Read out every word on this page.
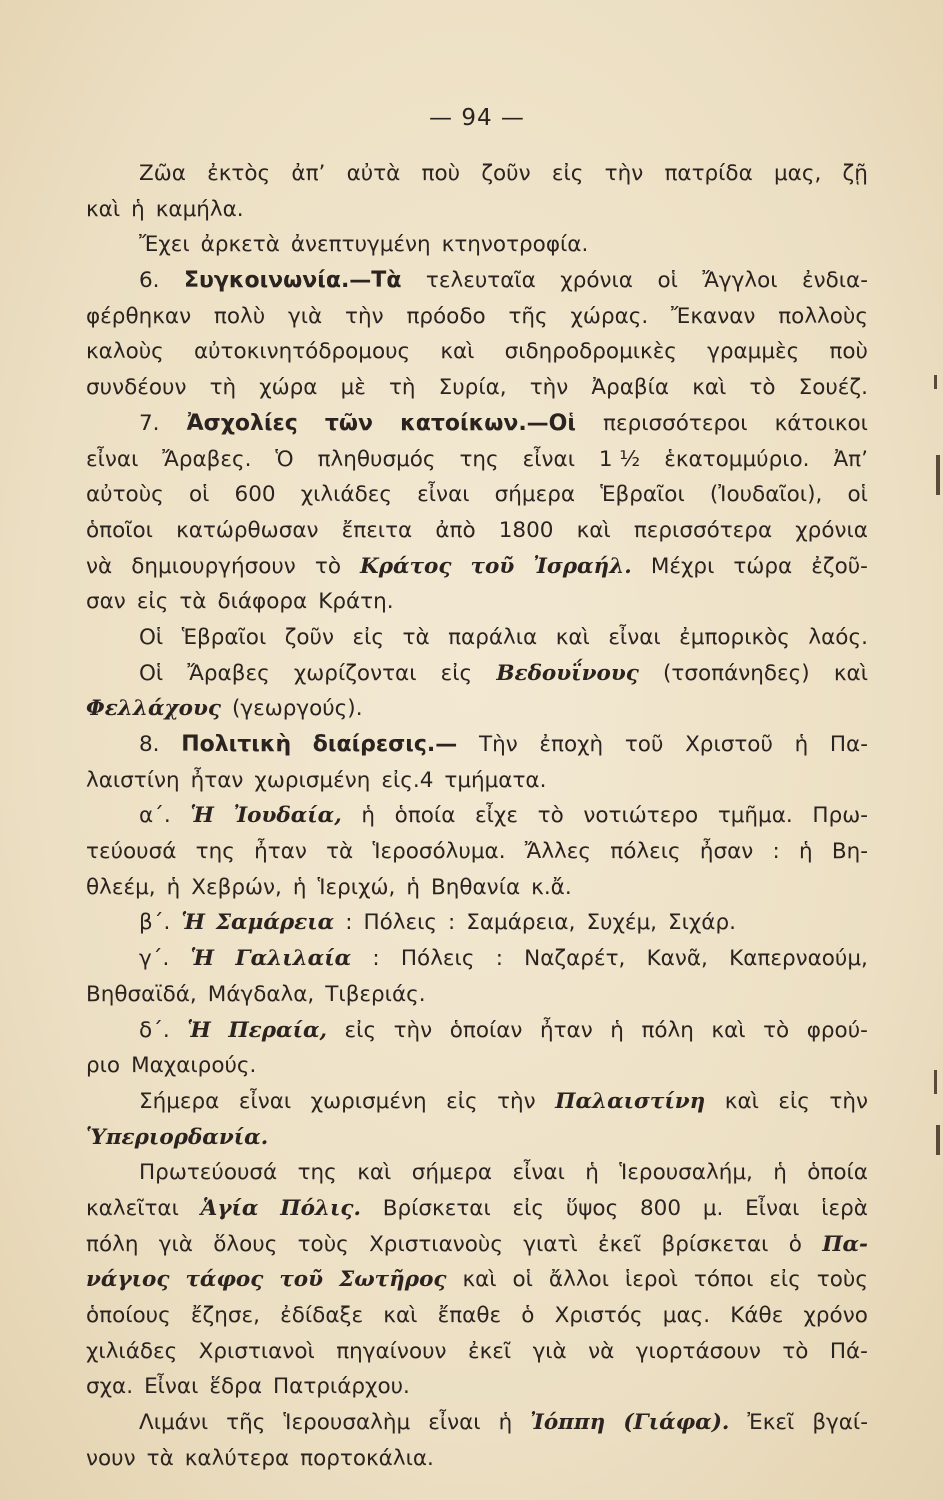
— 94 —
Ζῶα ἐκτὸς ἀπ’ αὐτὰ ποὺ ζοῦν εἰς τὴν πατρίδα μας, ζῇ
καὶ ἡ καμήλα.
Ἔχει ἀρκετὰ ἀνεπτυγμένη κτηνοτροφία.
6. Συγκοινωνία.—Τὰ τελευταῖα χρόνια οἱ Ἄγγλοι ἐνδια-
φέρθηκαν πολὺ γιὰ τὴν πρόοδο τῆς χώρας. Ἔκαναν πολλοὺς
καλοὺς αὐτοκινητόδρομους καὶ σιδηροδρομικὲς γραμμὲς ποὺ
συνδέουν τὴ χώρα μὲ τὴ Συρία, τὴν Ἀραβία καὶ τὸ Σουέζ.
7. Ἀσχολίες τῶν κατοίκων.—Οἱ περισσότεροι κάτοικοι
εἶναι Ἄραβες. Ὁ πληθυσμός της εἶναι 1 ½ ἑκατομμύριο. Ἀπ’
αὐτοὺς οἱ 600 χιλιάδες εἶναι σήμερα Ἑβραῖοι (Ἰουδαῖοι), οἱ
ὁποῖοι κατώρθωσαν ἔπειτα ἀπὸ 1800 καὶ περισσότερα χρόνια
νὰ δημιουργήσουν τὸ Κράτος τοῦ Ἰσραήλ. Μέχρι τώρα ἐζοῦ-
σαν εἰς τὰ διάφορα Κράτη.
Οἱ Ἑβραῖοι ζοῦν εἰς τὰ παράλια καὶ εἶναι ἐμπορικὸς λαός.
Οἱ Ἄραβες χωρίζονται εἰς Βεδουΐνους (τσοπάνηδες) καὶ
Φελλάχους (γεωργούς).
8. Πολιτικὴ διαίρεσις.— Τὴν ἐποχὴ τοῦ Χριστοῦ ἡ Πα-
λαιστίνη ἦταν χωρισμένη εἰς.4 τμήματα.
α΄. Ἡ Ἰουδαία, ἡ ὁποία εἶχε τὸ νοτιώτερο τμῆμα. Πρω-
τεύουσά της ἦταν τὰ Ἱεροσόλυμα. Ἄλλες πόλεις ἦσαν : ἡ Βη-
θλεέμ, ἡ Χεβρών, ἡ Ἱεριχώ, ἡ Βηθανία κ.ἄ.
β΄. Ἡ Σαμάρεια : Πόλεις : Σαμάρεια, Συχέμ, Σιχάρ.
γ΄. Ἡ Γαλιλαία : Πόλεις : Ναζαρέτ, Κανᾶ, Καπερναούμ,
Βηθσαϊδά, Μάγδαλα, Τιβεριάς.
δ΄. Ἡ Περαία, εἰς τὴν ὁποίαν ἦταν ἡ πόλη καὶ τὸ φρού-
ριο Μαχαιρούς.
Σήμερα εἶναι χωρισμένη εἰς τὴν Παλαιστίνη καὶ εἰς τὴν
Ὑπεριορδανία.
Πρωτεύουσά της καὶ σήμερα εἶναι ἡ Ἱερουσαλήμ, ἡ ὁποία
καλεῖται Ἁγία Πόλις. Βρίσκεται εἰς ὕψος 800 μ. Εἶναι ἱερὰ
πόλη γιὰ ὅλους τοὺς Χριστιανοὺς γιατὶ ἐκεῖ βρίσκεται ὁ Πα-
νάγιος τάφος τοῦ Σωτῆρος καὶ οἱ ἄλλοι ἱεροὶ τόποι εἰς τοὺς
ὁποίους ἔζησε, ἐδίδαξε καὶ ἔπαθε ὁ Χριστός μας. Κάθε χρόνο
χιλιάδες Χριστιανοὶ πηγαίνουν ἐκεῖ γιὰ νὰ γιορτάσουν τὸ Πά-
σχα. Εἶναι ἕδρα Πατριάρχου.
Λιμάνι τῆς Ἱερουσαλὴμ εἶναι ἡ Ἰόππη (Γιάφα). Ἐκεῖ βγαί-
νουν τὰ καλύτερα πορτοκάλια.
